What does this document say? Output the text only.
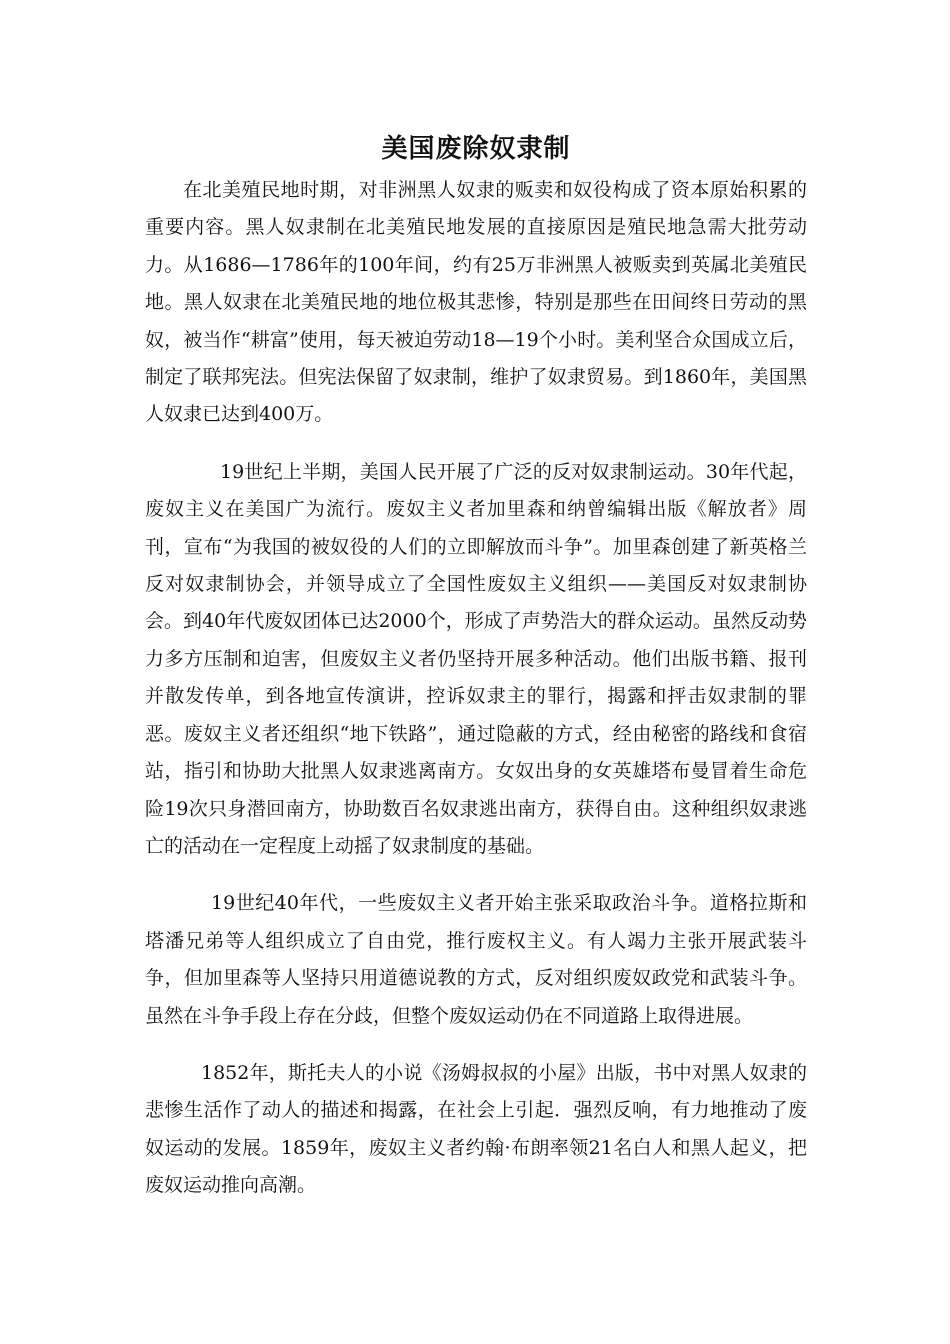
美国废除奴隶制

在北美殖民地时期，对非洲黑人奴隶的贩卖和奴役构成了资本原始积累的重要内容。黑人奴隶制在北美殖民地发展的直接原因是殖民地急需大批劳动力。从1686—1786年的100年间，约有25万非洲黑人被贩卖到英属北美殖民地。黑人奴隶在北美殖民地的地位极其悲惨，特别是那些在田间终日劳动的黑奴，被当作“耕富”使用，每天被迫劳动18—19个小时。美利坚合众国成立后，制定了联邦宪法。但宪法保留了奴隶制，维护了奴隶贸易。到1860年，美国黑人奴隶已达到400万。

19世纪上半期，美国人民开展了广泛的反对奴隶制运动。30年代起，废奴主义在美国广为流行。废奴主义者加里森和纳曾编辑出版《解放者》周刊，宣布“为我国的被奴役的人们的立即解放而斗争”。加里森创建了新英格兰反对奴隶制协会，并领导成立了全国性废奴主义组织——美国反对奴隶制协会。到40年代废奴团体已达2000个，形成了声势浩大的群众运动。虽然反动势力多方压制和迫害，但废奴主义者仍坚持开展多种活动。他们出版书籍、报刊并散发传单，到各地宣传演讲，控诉奴隶主的罪行，揭露和抨击奴隶制的罪恶。废奴主义者还组织“地下铁路”，通过隐蔽的方式，经由秘密的路线和食宿站，指引和协助大批黑人奴隶逃离南方。女奴出身的女英雄塔布曼冒着生命危险19次只身潜回南方，协助数百名奴隶逃出南方，获得自由。这种组织奴隶逃亡的活动在一定程度上动摇了奴隶制度的基础。

19世纪40年代，一些废奴主义者开始主张采取政治斗争。道格拉斯和塔潘兄弟等人组织成立了自由党，推行废权主义。有人竭力主张开展武装斗争，但加里森等人坚持只用道德说教的方式，反对组织废奴政党和武装斗争。虽然在斗争手段上存在分歧，但整个废奴运动仍在不同道路上取得进展。

1852年，斯托夫人的小说《汤姆叔叔的小屋》出版，书中对黑人奴隶的悲惨生活作了动人的描述和揭露，在社会上引起．强烈反响，有力地推动了废奴运动的发展。1859年，废奴主义者约翰·布朗率领21名白人和黑人起义，把废奴运动推向高潮。
